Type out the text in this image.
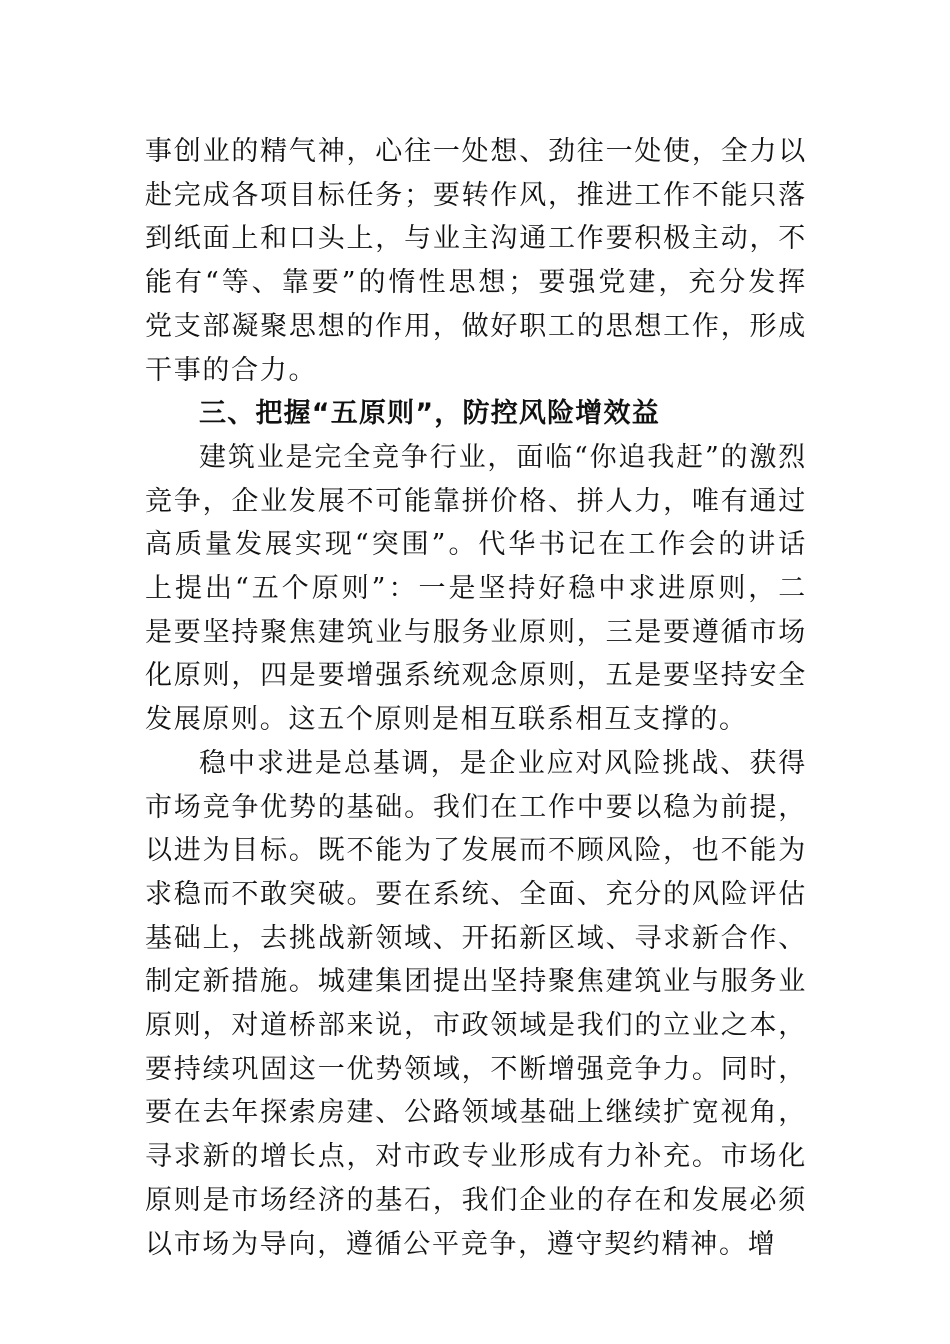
事创业的精气神，心往一处想、劲往一处使，全力以赴完成各项目标任务；要转作风，推进工作不能只落到纸面上和口头上，与业主沟通工作要积极主动，不能有“等、靠要”的惰性思想；要强党建，充分发挥党支部凝聚思想的作用，做好职工的思想工作，形成干事的合力。

三、把握“五原则”，防控风险增效益

建筑业是完全竞争行业，面临“你追我赶”的激烈竞争，企业发展不可能靠拼价格、拼人力，唯有通过高质量发展实现“突围”。代华书记在工作会的讲话上提出“五个原则”：一是坚持好稳中求进原则，二是要坚持聚焦建筑业与服务业原则，三是要遵循市场化原则，四是要增强系统观念原则，五是要坚持安全发展原则。这五个原则是相互联系相互支撑的。

稳中求进是总基调，是企业应对风险挑战、获得市场竞争优势的基础。我们在工作中要以稳为前提，以进为目标。既不能为了发展而不顾风险，也不能为求稳而不敢突破。要在系统、全面、充分的风险评估基础上，去挑战新领域、开拓新区域、寻求新合作、制定新措施。城建集团提出坚持聚焦建筑业与服务业原则，对道桥部来说，市政领域是我们的立业之本，要持续巩固这一优势领域，不断增强竞争力。同时，要在去年探索房建、公路领域基础上继续扩宽视角，寻求新的增长点，对市政专业形成有力补充。市场化原则是市场经济的基石，我们企业的存在和发展必须以市场为导向，遵循公平竞争，遵守契约精神。增
